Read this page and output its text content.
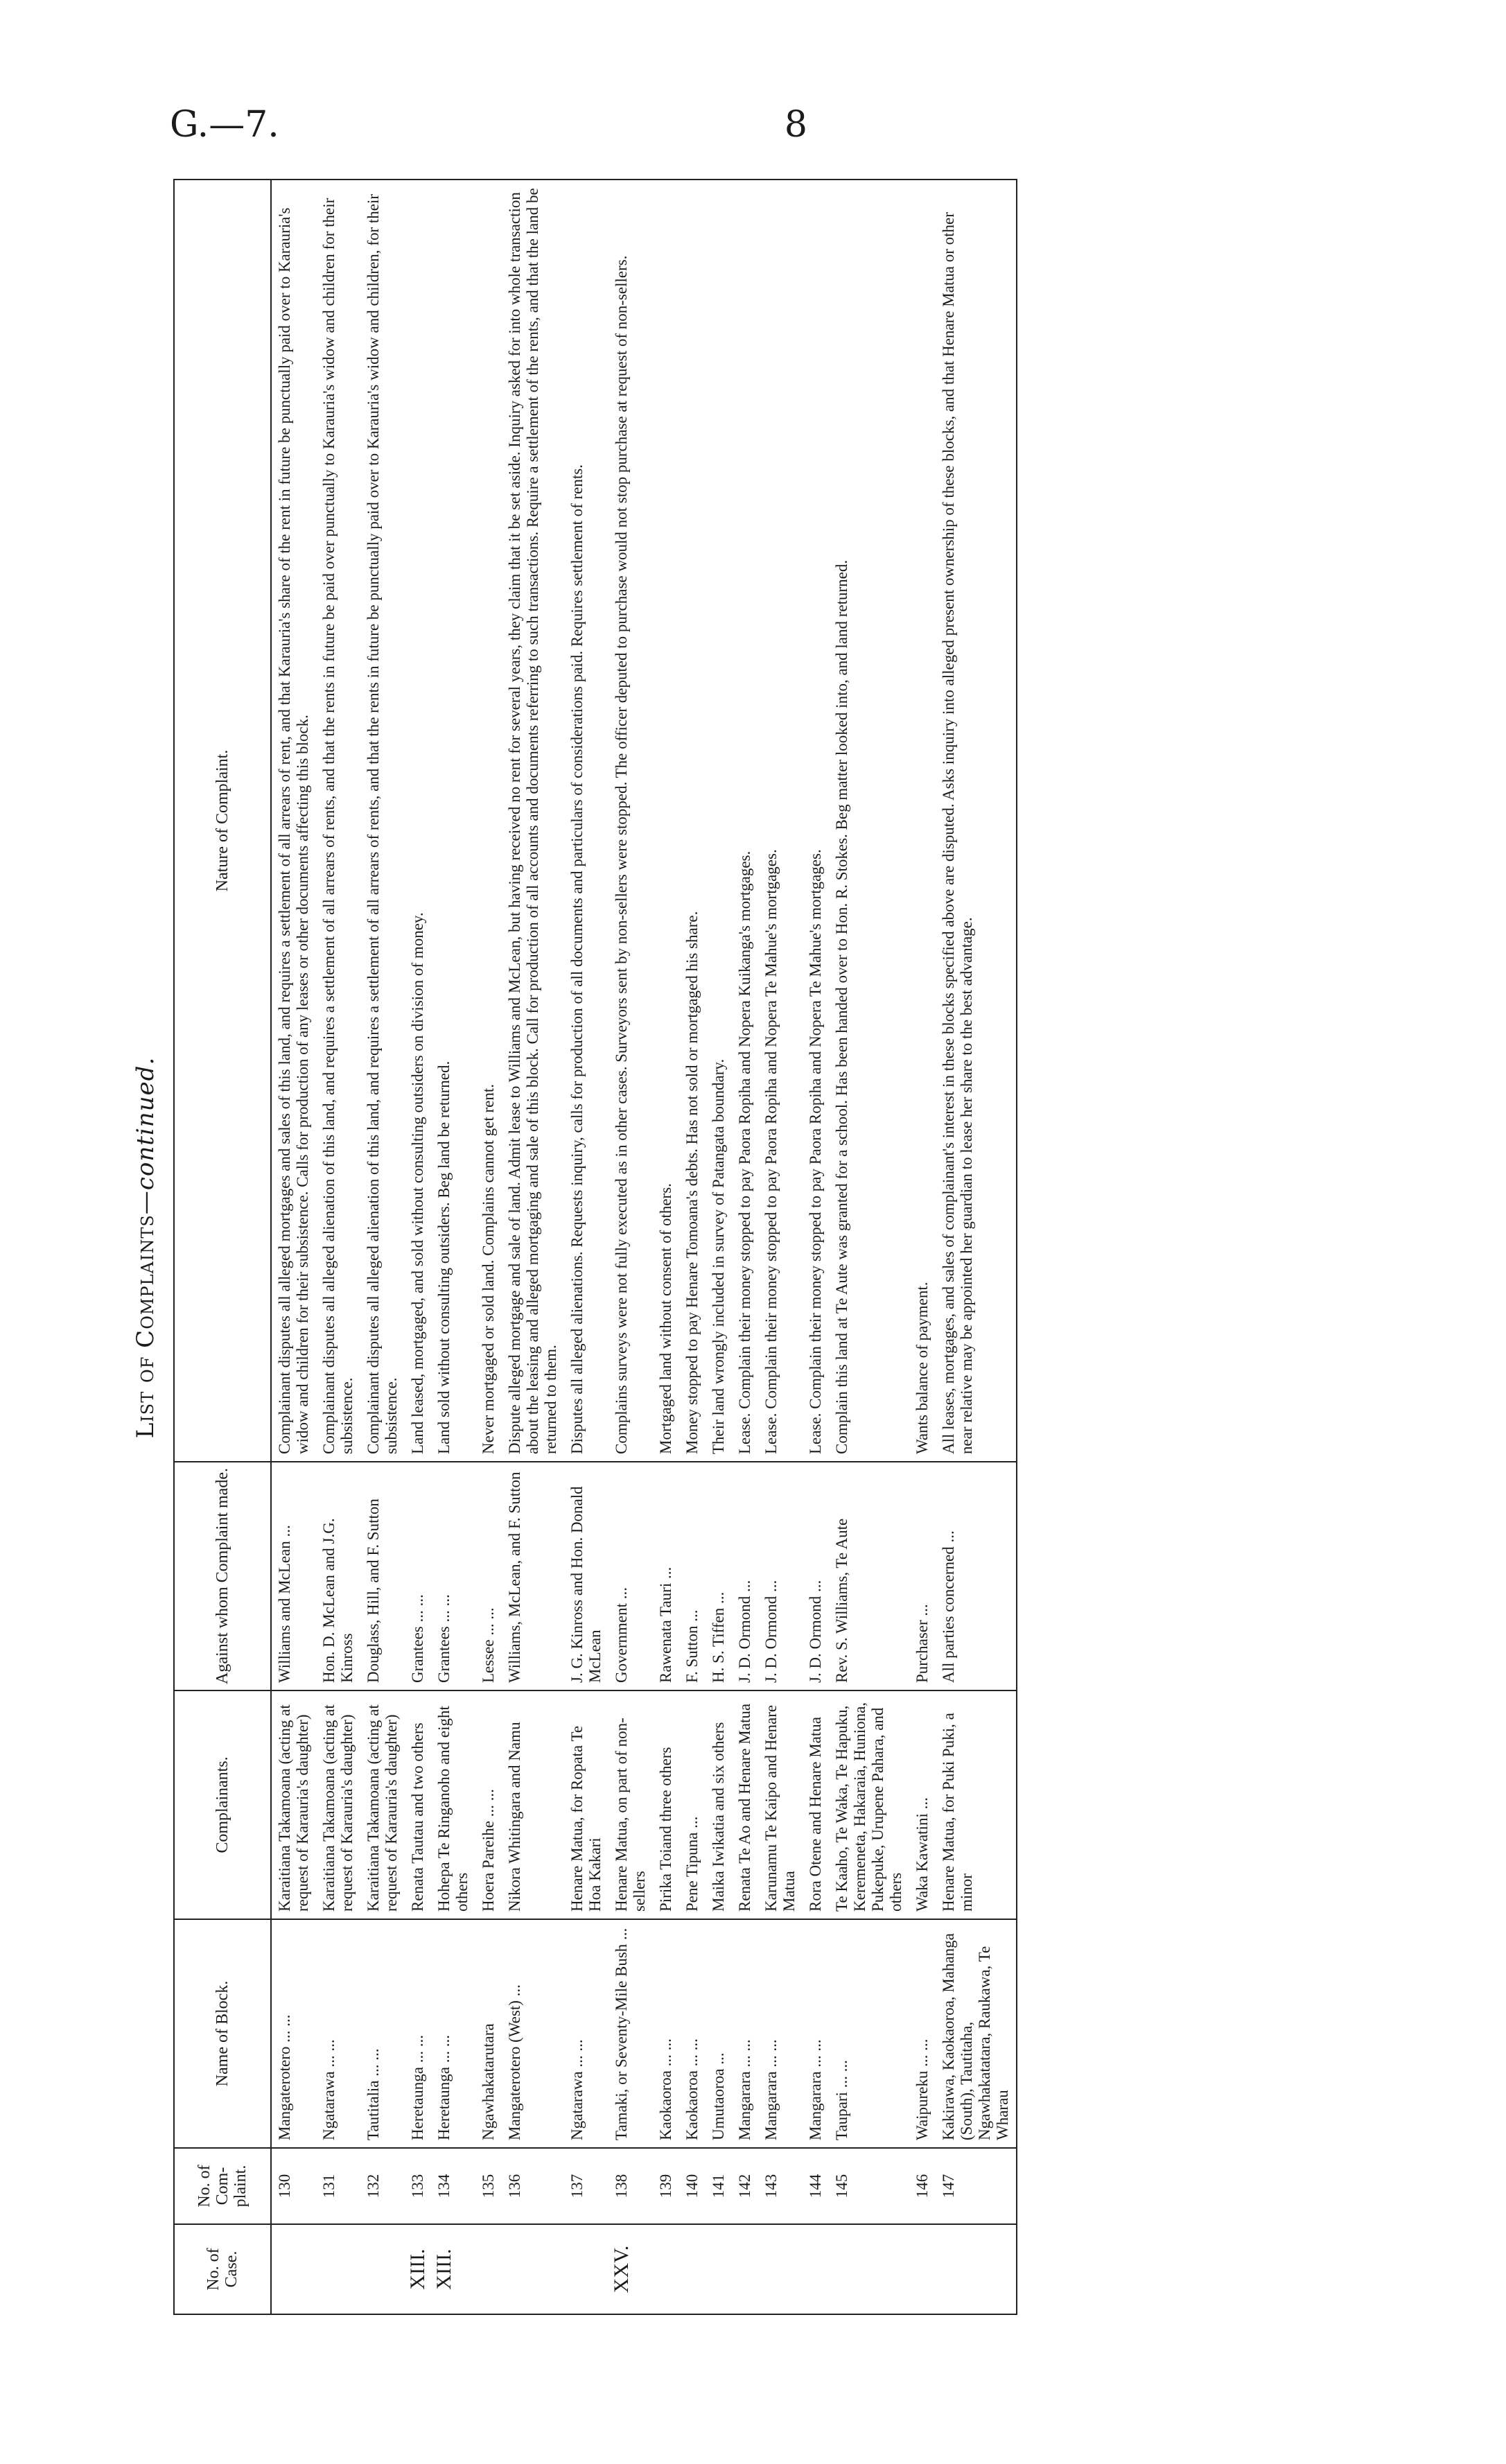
G.—7.	8
List of Complaints—continued.
No. of Case.	No. of Com-plaint.	Name of Block.	Complainants.	Against whom Complaint made.	Nature of Complaint.
	130	Mangaterotero ... ...	Karaitiana Takamoana (acting at request of Karauria's daughter)	Williams and McLean ...	Complainant disputes all alleged mortgages and sales of this land, and requires a settlement of all arrears of rent, and that Karauria's share of the rent in future be punctually paid over to Karauria's widow and children for their subsistence. Calls for production of any leases or other documents affecting this block.
	131	Ngatarawa ... ...	Karaitiana Takamoana (acting at request of Karauria's daughter)	Hon. D. McLean and J.G. Kinross	Complainant disputes all alleged alienation of this land, and requires a settlement of all arrears of rents, and that the rents in future be paid over punctually to Karauria's widow and children for their subsistence.
	132	Tautitalia ... ...	Karaitiana Takamoana (acting at request of Karauria's daughter)	Douglass, Hill, and F. Sutton	Complainant disputes all alleged alienation of this land, and requires a settlement of all arrears of rents, and that the rents in future be punctually paid over to Karauria's widow and children, for their subsistence.
XIII.	133	Heretaunga ... ...	Renata Tautau and two others	Grantees ... ...	Land leased, mortgaged, and sold without consulting outsiders on division of money.
XIII.	134	Heretaunga ... ...	Hohepa Te Ringanoho and eight others	Grantees ... ...	Land sold without consulting outsiders. Beg land be returned.
	135	Ngawhakatarutara	Hoera Pareihe ... ...	Lessee ... ...	Never mortgaged or sold land. Complains cannot get rent.
	136	Mangaterotero (West) ...	Nikora Whitingara and Namu	Williams, McLean, and F. Sutton	Dispute alleged mortgage and sale of land. Admit lease to Williams and McLean, but having received no rent for several years, they claim that it be set aside. Inquiry asked for into whole transaction about the leasing and alleged mortgaging and sale of this block. Call for production of all accounts and documents referring to such transactions. Require a settlement of the rents, and that the land be returned to them.
	137	Ngatarawa ... ...	Henare Matua, for Ropata Te Hoa Kakari	J. G. Kinross and Hon. Donald McLean	Disputes all alleged alienations. Requests inquiry, calls for production of all documents and particulars of considerations paid. Requires settlement of rents.
XXV.	138	Tamaki, or Seventy-Mile Bush ...	Henare Matua, on part of non-sellers	Government ...	Complains surveys were not fully executed as in other cases. Surveyors sent by non-sellers were stopped. The officer deputed to purchase would not stop purchase at request of non-sellers.
	139	Kaokaoroa ... ...	Pirika Toiand three others	Rawenata Tauri ...	Mortgaged land without consent of others.
	140	Kaokaoroa ... ...	Pene Tipuna ...	F. Sutton ...	Money stopped to pay Henare Tomoana's debts. Has not sold or mortgaged his share.
	141	Umutaoroa ...	Maika Iwikatia and six others	H. S. Tiffen ...	Their land wrongly included in survey of Patangata boundary.
	142	Mangarara ... ...	Renata Te Ao and Henare Matua	J. D. Ormond ...	Lease. Complain their money stopped to pay Paora Ropiha and Nopera Kuikanga's mortgages.
	143	Mangarara ... ...	Karunamu Te Kaipo and Henare Matua	J. D. Ormond ...	Lease. Complain their money stopped to pay Paora Ropiha and Nopera Te Mahue's mortgages.
	144	Mangarara ... ...	Rora Otene and Henare Matua	J. D. Ormond ...	Lease. Complain their money stopped to pay Paora Ropiha and Nopera Te Mahue's mortgages.
	145	Taupari ... ...	Te Kaaho, Te Waka, Te Hapuku, Keremeneta, Hakaraia, Huniona, Pukepuke, Urupene Pahara, and others	Rev. S. Williams, Te Aute	Complain this land at Te Aute was granted for a school. Has been handed over to Hon. R. Stokes. Beg matter looked into, and land returned.
	146	Waipureku ... ...	Waka Kawatini ...	Purchaser ...	Wants balance of payment.
	147	Kakirawa, Kaokaoroa, Mahanga (South), Tautitaha, Ngawhakatatara, Raukawa, Te Wharau	Henare Matua, for Puki Puki, a minor	All parties concerned ...	All leases, mortgages, and sales of complainant's interest in these blocks specified above are disputed. Asks inquiry into alleged present ownership of these blocks, and that Henare Matua or other near relative may be appointed her guardian to lease her share to the best advantage.
